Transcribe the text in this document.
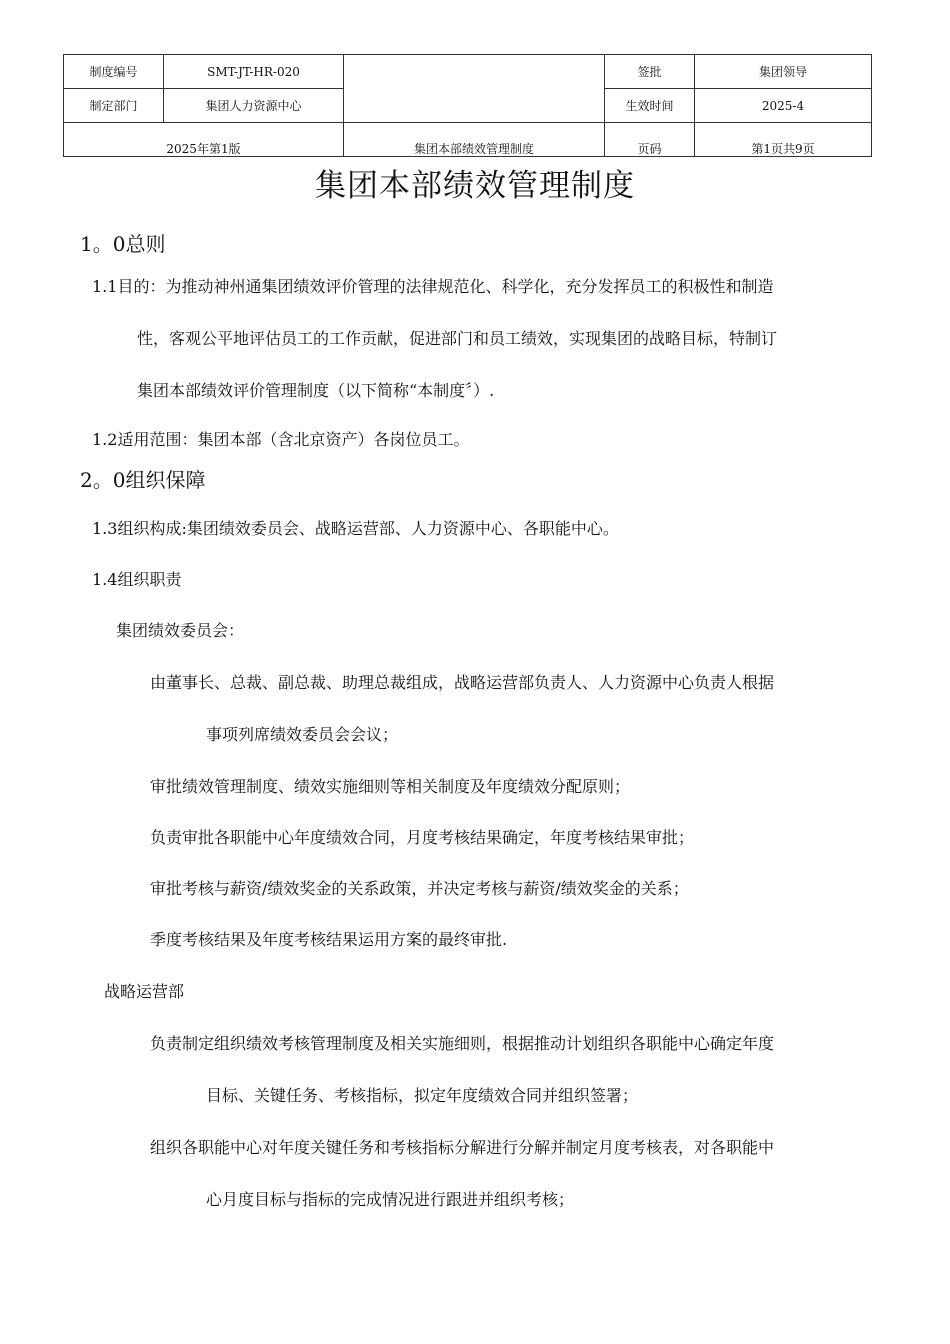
制度编号	SMT-JT-HR-020		签批	集团领导
制定部门	集团人力资源中心		生效时间	2025-4
2025年第1版		集团本部绩效管理制度	页码	第1页共9页
集团本部绩效管理制度
1。0总则
1.1目的：为推动神州通集团绩效评价管理的法律规范化、科学化，充分发挥员工的积极性和制造
性，客观公平地评估员工的工作贡献，促进部门和员工绩效，实现集团的战略目标，特制订
集团本部绩效评价管理制度（以下简称“本制度〞）.
1.2适用范围：集团本部（含北京资产）各岗位员工。
2。0组织保障
1.3组织构成:集团绩效委员会、战略运营部、人力资源中心、各职能中心。
1.4组织职责
集团绩效委员会：
由董事长、总裁、副总裁、助理总裁组成，战略运营部负责人、人力资源中心负责人根据
事项列席绩效委员会会议；
审批绩效管理制度、绩效实施细则等相关制度及年度绩效分配原则；
负责审批各职能中心年度绩效合同，月度考核结果确定，年度考核结果审批；
审批考核与薪资/绩效奖金的关系政策，并决定考核与薪资/绩效奖金的关系；
季度考核结果及年度考核结果运用方案的最终审批.
战略运营部
负责制定组织绩效考核管理制度及相关实施细则，根据推动计划组织各职能中心确定年度
目标、关键任务、考核指标，拟定年度绩效合同并组织签署；
组织各职能中心对年度关键任务和考核指标分解进行分解并制定月度考核表，对各职能中
心月度目标与指标的完成情况进行跟进并组织考核；
